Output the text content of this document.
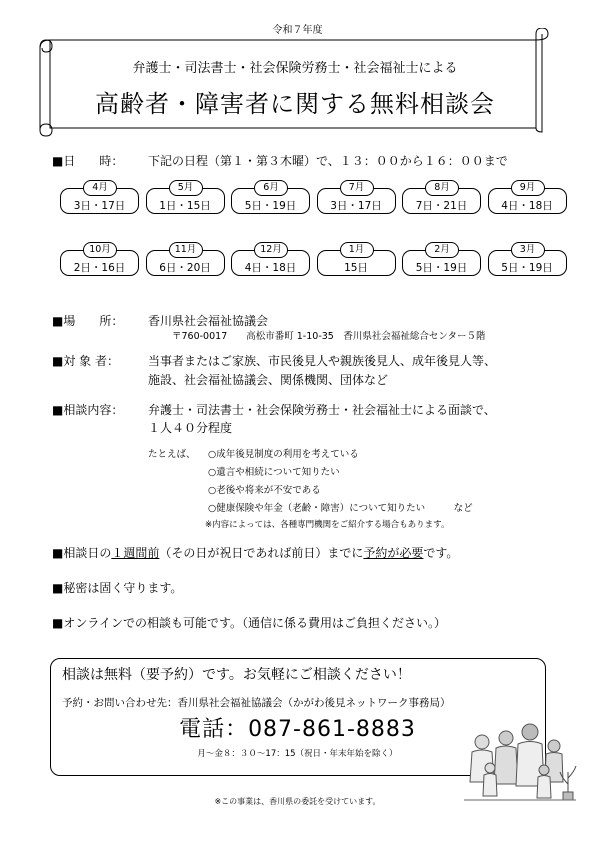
令和７年度
弁護士・司法書士・社会保険労務士・社会福祉士による
高齢者・障害者に関する無料相談会
■日　　時： 下記の日程（第１・第３木曜）で、１３：００から１６：００まで
4月
3日・17日
5月
1日・15日
6月
5日・19日
7月
3日・17日
8月
7日・21日
9月
4日・18日
10月
2日・16日
11月
6日・20日
12月
4日・18日
1月
15日
2月
5日・19日
3月
5日・19日
■場　　所： 香川県社会福祉協議会
〒760-0017　　高松市番町 1-10-35　香川県社会福祉総合センター５階
■対 象 者： 当事者またはご家族、市民後見人や親族後見人、成年後見人等、
施設、社会福祉協議会、関係機関、団体など
■相談内容： 弁護士・司法書士・社会保険労務士・社会福祉士による面談で、
１人４０分程度
たとえば、 ○成年後見制度の利用を考えている
○遺言や相続について知りたい
○老後や将来が不安である
○健康保険や年金（老齢・障害）について知りたい　　　など
※内容によっては、各種専門機関をご紹介する場合もあります。
■相談日の１週間前（その日が祝日であれば前日）までに予約が必要です。
■秘密は固く守ります。
■オンラインでの相談も可能です。（通信に係る費用はご負担ください。）
相談は無料（要予約）です。お気軽にご相談ください！
予約・お問い合わせ先：香川県社会福祉協議会（かがわ後見ネットワーク事務局）
電話：087-861-8883
月～金８：３０～17：15（祝日・年末年始を除く）
※この事業は、香川県の委託を受けています。
